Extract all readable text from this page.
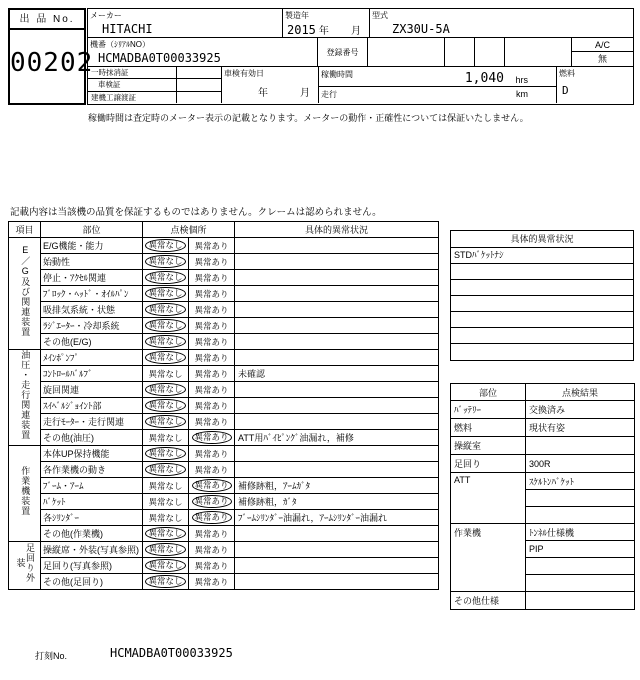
出 品 No.
00202
メーカー
HITACHI
製造年
2015 年 月
型式
ZX30U-5A
機番（ｼﾘｱﾙNO）
HCMADBA0T00033925	登録番号
A/C
無
一時抹消証
車検証
建機工譲渡証
車検有効日
年	月
稼働時間	1,040 hrs
走行	km
燃料
D
稼働時間は査定時のメーター表示の記載となります。メーターの動作・正確性については保証いたしません。
記載内容は当該機の品質を保証するものではありません。クレームは認められません。
項目	部位	点検個所		具体的異常状況
E／G及び関連装置	E/G機能・能力	異常なし	異常あり	
	始動性	異常なし	異常あり	
	停止・ｱｸｾﾙ関連	異常なし	異常あり	
	ﾌﾞﾛｯｸ・ﾍｯﾄﾞ・ｵｲﾙﾊﾟﾝ	異常なし	異常あり	
	吸排気系統・状態	異常なし	異常あり	
	ﾗｼﾞｴｰﾀｰ・冷却系統	異常なし	異常あり	
	その他(E/G)	異常なし	異常あり	
油圧・走行関連装置	ﾒｲﾝﾎﾟﾝﾌﾟ	異常なし	異常あり	
	ｺﾝﾄﾛｰﾙﾊﾞﾙﾌﾞ	異常なし	異常あり	未確認
	旋回関連	異常なし	異常あり	
	ｽｲﾍﾞﾙｼﾞｮｲﾝﾄ部	異常なし	異常あり	
	走行ﾓｰﾀｰ・走行関連	異常なし	異常あり	
	その他(油圧)	異常なし	異常あり	ATT用ﾊﾞｲﾋﾟﾝｸﾞ油漏れ，補修
作業機装置	本体UP保持機能	異常なし	異常あり	
	各作業機の動き	異常なし	異常あり	
	ﾌﾞｰﾑ・ｱｰﾑ	異常なし	異常あり	補修跡粗，ｱｰﾑｶﾞﾀ
	ﾊﾞｹｯﾄ	異常なし	異常あり	補修跡粗，ｶﾞﾀ
	各ｼﾘﾝﾀﾞｰ	異常なし	異常あり	ﾌﾞｰﾑｼﾘﾝﾀﾞｰ油漏れ，ｱｰﾑｼﾘﾝﾀﾞｰ油漏れ
	その他(作業機)	異常なし	異常あり	
足回り外装	操縦席・外装(写真参照)	異常なし	異常あり	
	足回り(写真参照)	異常なし	異常あり	
	その他(足回り)	異常なし	異常あり	
具体的異常状況
STDﾊﾞｹｯﾄﾅｼ
部位	点検結果
ﾊﾞｯﾃﾘｰ	交換済み
燃料	現状有姿
操縦室	
足回り	300R
ATT	ｽｹﾙﾄﾝﾊﾞｹｯﾄ

作業機	ﾄﾝﾈﾙ仕様機
	PIP

その他仕様	
打刻No.	HCMADBA0T00033925
